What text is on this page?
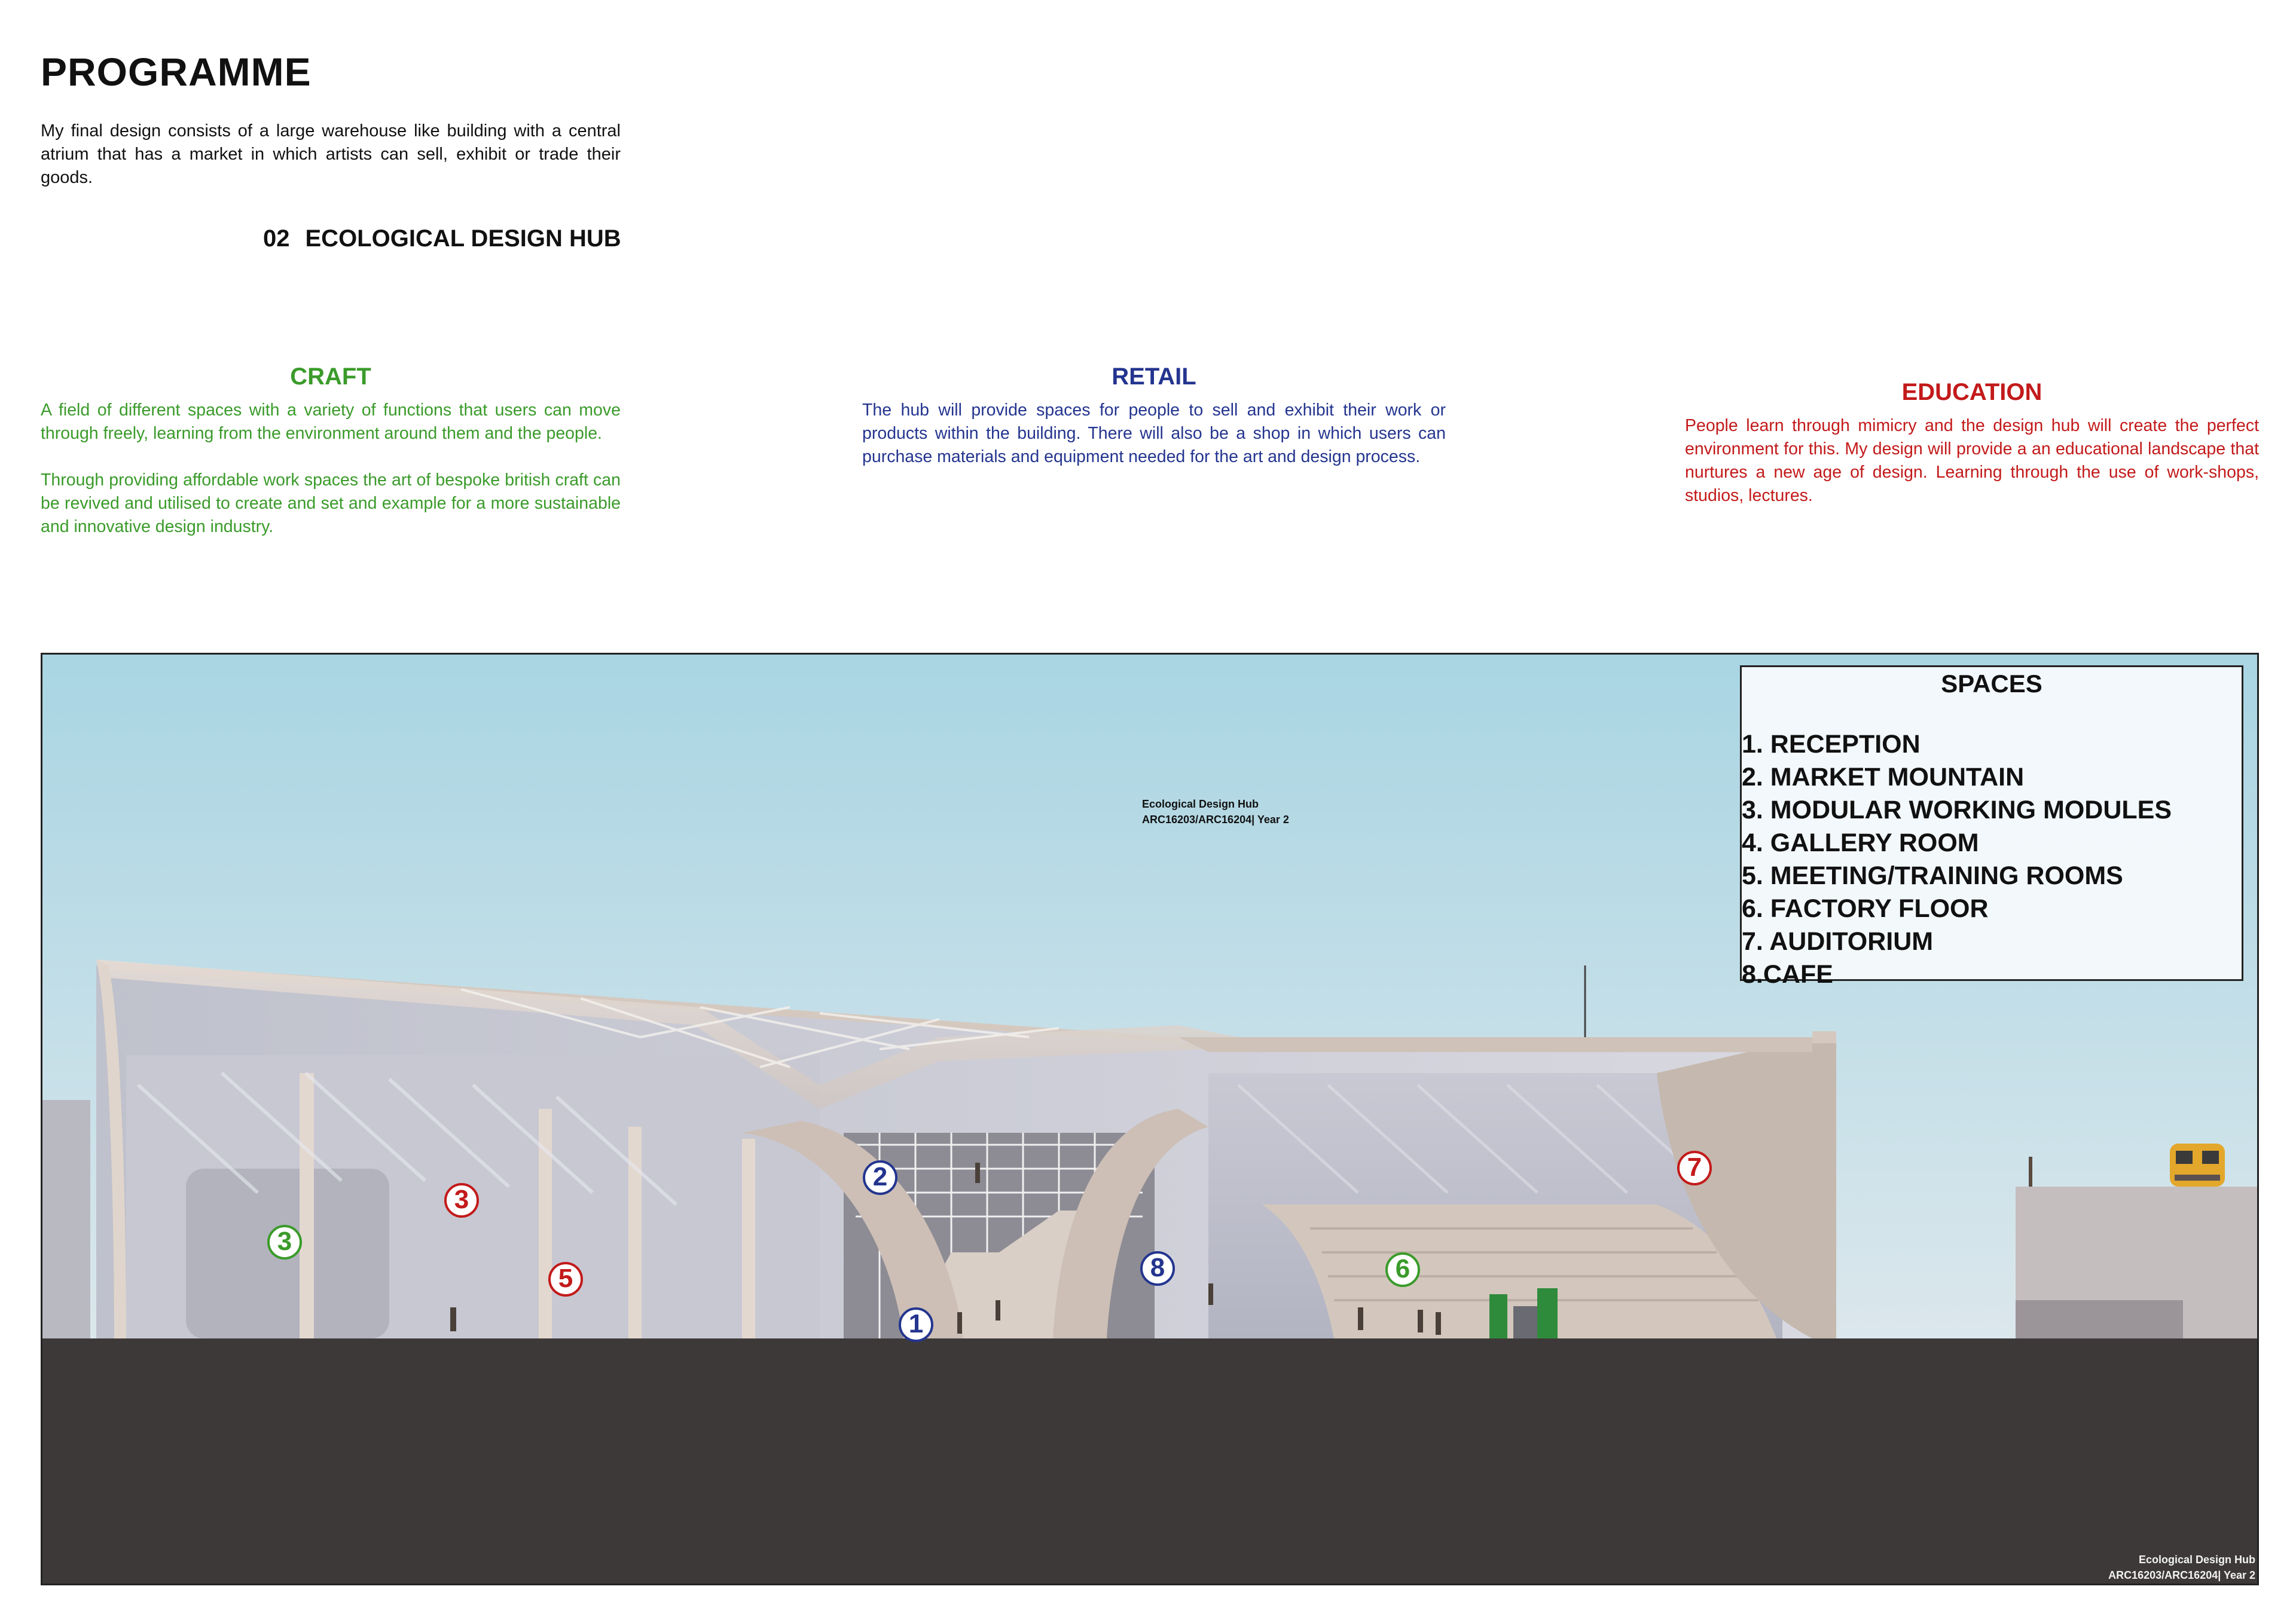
PROGRAMME

My final design consists of a large warehouse like building with a central atrium that has a market in which artists can sell, exhibit or trade their goods.

02 ECOLOGICAL DESIGN HUB
CRAFT

A field of different spaces with a variety of functions that users can move through freely, learning from the environment around them and the people.

Through providing affordable work spaces the art of bespoke british craft can be revived and utilised to create and set and example for a more sustainable and innovative design industry.

RETAIL

The hub will provide spaces for people to sell and exhibit their work or products within the building. There will also be a shop in which users can purchase materials and equipment needed for the art and design process.

EDUCATION

People learn through mimicry and the design hub will create the perfect environment for this. My design will provide a an educational landscape that nurtures a new age of design. Learning through the use of work-shops, studios, lectures.

3
3
5
2
1
8	6
7
Ecological Design Hub
ARC16203/ARC16204| Year 2
SPACES
1. RECEPTION
2. MARKET MOUNTAIN
3. MODULAR WORKING MODULES
4. GALLERY ROOM
5. MEETING/TRAINING ROOMS
6. FACTORY FLOOR
7. AUDITORIUM
8.CAFE
Ecological Design Hub
ARC16203/ARC16204| Year 2
